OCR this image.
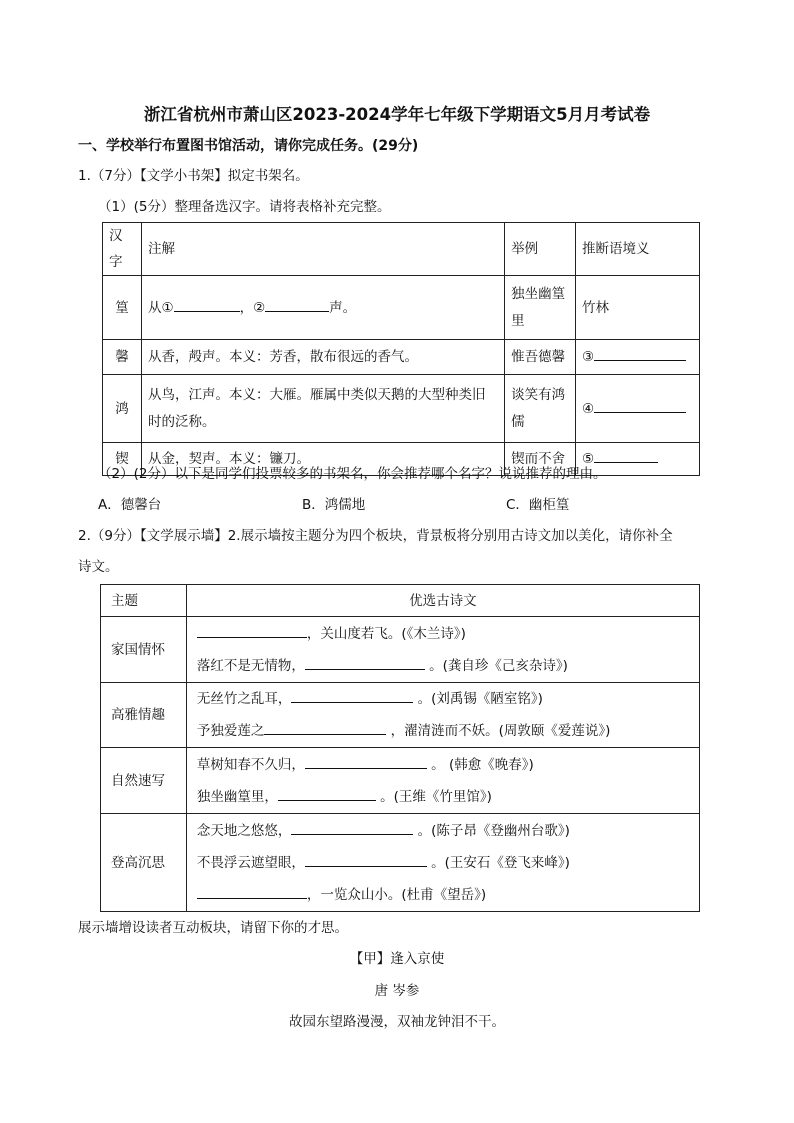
浙江省杭州市萧山区2023-2024学年七年级下学期语文5月月考试卷
一、学校举行布置图书馆活动，请你完成任务。(29分)
1.（7分）【文学小书架】拟定书架名。
（1）(5分）整理备选汉字。请将表格补充完整。
汉字	注解	举例	推断语境义
篁	从① ，② 声。	独坐幽篁里	竹林
馨	从香，殸声。本义：芳香，散布很远的香气。	惟吾德馨	③
鸿	从鸟，江声。本义：大雁。雁属中类似天鹅的大型种类旧时的泛称。	谈笑有鸿儒	④
锲	从金，契声。本义：镰刀。	锲而不舍	⑤
（2）(2分）以下是同学们投票较多的书架名，你会推荐哪个名字？说说推荐的理由。
A．德馨台	B．鸿儒地	C．幽柜篁
2.（9分）【文学展示墙】2.展示墙按主题分为四个板块，背景板将分别用古诗文加以美化，请你补全
诗文。
主题	优选古诗文
家国情怀	，关山度若飞。(《木兰诗》)
落红不是无情物， 。(龚自珍《己亥杂诗》)

高雅情趣	无丝竹之乱耳， 。(刘禹锡《陋室铭》)
予独爱莲之 ，濯清涟而不妖。(周敦颐《爱莲说》)

自然速写	草树知春不久归， 。 (韩愈《晚春》)
独坐幽篁里， 。(王维《竹里馆》)

登高沉思	念天地之悠悠， 。(陈子昂《登幽州台歌》)
不畏浮云遮望眼， 。(王安石《登飞来峰》)
，一览众山小。(杜甫《望岳》)
展示墙增设读者互动板块，请留下你的才思。
【甲】逢入京使
唐 岑参
故园东望路漫漫，双袖龙钟泪不干。
